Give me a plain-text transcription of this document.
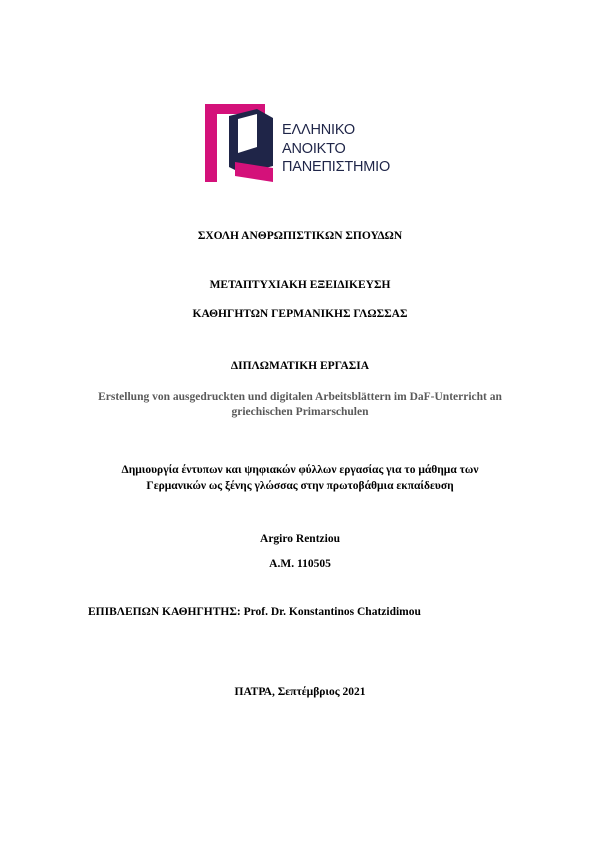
ΕΛΛΗΝΙΚΟ
ΑΝΟΙΚΤΟ
ΠΑΝΕΠΙΣΤΗΜΙΟ
ΣΧΟΛΗ ΑΝΘΡΩΠΙΣΤΙΚΩΝ ΣΠΟΥΔΩΝ
ΜΕΤΑΠΤΥΧΙΑΚΗ ΕΞΕΙΔΙΚΕΥΣΗ
ΚΑΘΗΓΗΤΩΝ ΓΕΡΜΑΝΙΚΗΣ ΓΛΩΣΣΑΣ
ΔΙΠΛΩΜΑΤΙΚΗ ΕΡΓΑΣΙΑ
Erstellung von ausgedruckten und digitalen Arbeitsblättern im DaF-Unterricht an
griechischen Primarschulen
Δημιουργία έντυπων και ψηφιακών φύλλων εργασίας για το μάθημα των
Γερμανικών ως ξένης γλώσσας στην πρωτοβάθμια εκπαίδευση
Argiro Rentziou
A.M. 110505
ΕΠΙΒΛΕΠΩΝ ΚΑΘΗΓΗΤΗΣ: Prof. Dr. Konstantinos Chatzidimou
ΠΑΤΡΑ, Σεπτέμβριος 2021
